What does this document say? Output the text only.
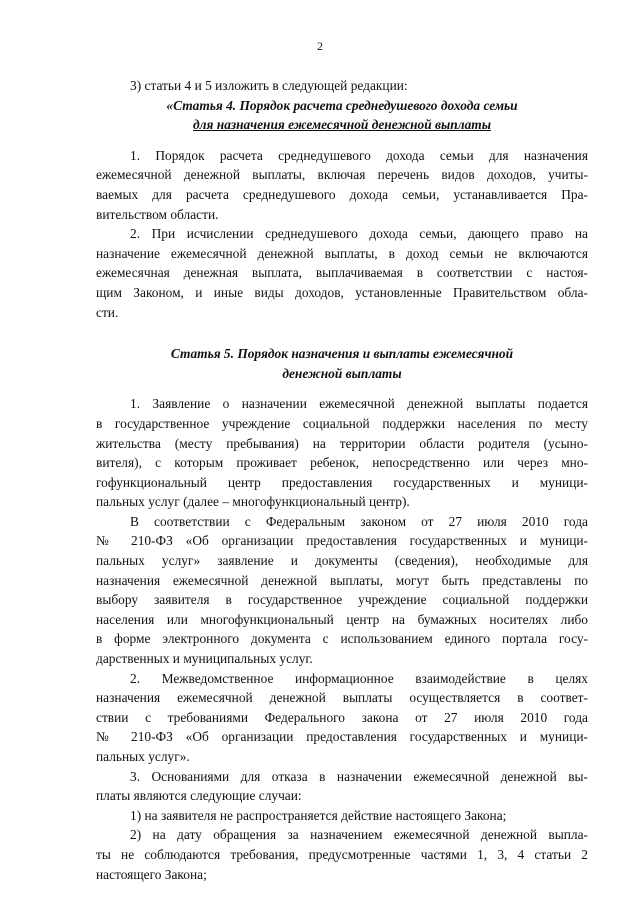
2
3) статьи 4 и 5 изложить в следующей редакции:
«Статья 4. Порядок расчета среднедушевого дохода семьи
для назначения ежемесячной денежной выплаты
1. Порядок расчета среднедушевого дохода семьи для назначения
ежемесячной денежной выплаты, включая перечень видов доходов, учиты-
ваемых для расчета среднедушевого дохода семьи, устанавливается Пра-
вительством области.
2. При исчислении среднедушевого дохода семьи, дающего право на
назначение ежемесячной денежной выплаты, в доход семьи не включаются
ежемесячная денежная выплата, выплачиваемая в соответствии с настоя-
щим Законом, и иные виды доходов, установленные Правительством обла-
сти.
Статья 5. Порядок назначения и выплаты ежемесячной
денежной выплаты
1. Заявление о назначении ежемесячной денежной выплаты подается
в государственное учреждение социальной поддержки населения по месту
жительства (месту пребывания) на территории области родителя (усыно-
вителя), с которым проживает ребенок, непосредственно или через мно-
гофункциональный центр предоставления государственных и муници-
пальных услуг (далее – многофункциональный центр).
В соответствии с Федеральным законом от 27 июля 2010 года
№ 210-ФЗ «Об организации предоставления государственных и муници-
пальных услуг» заявление и документы (сведения), необходимые для
назначения ежемесячной денежной выплаты, могут быть представлены по
выбору заявителя в государственное учреждение социальной поддержки
населения или многофункциональный центр на бумажных носителях либо
в форме электронного документа с использованием единого портала госу-
дарственных и муниципальных услуг.
2. Межведомственное информационное взаимодействие в целях
назначения ежемесячной денежной выплаты осуществляется в соответ-
ствии с требованиями Федерального закона от 27 июля 2010 года
№ 210-ФЗ «Об организации предоставления государственных и муници-
пальных услуг».
3. Основаниями для отказа в назначении ежемесячной денежной вы-
платы являются следующие случаи:
1) на заявителя не распространяется действие настоящего Закона;
2) на дату обращения за назначением ежемесячной денежной выпла-
ты не соблюдаются требования, предусмотренные частями 1, 3, 4 статьи 2
настоящего Закона;
